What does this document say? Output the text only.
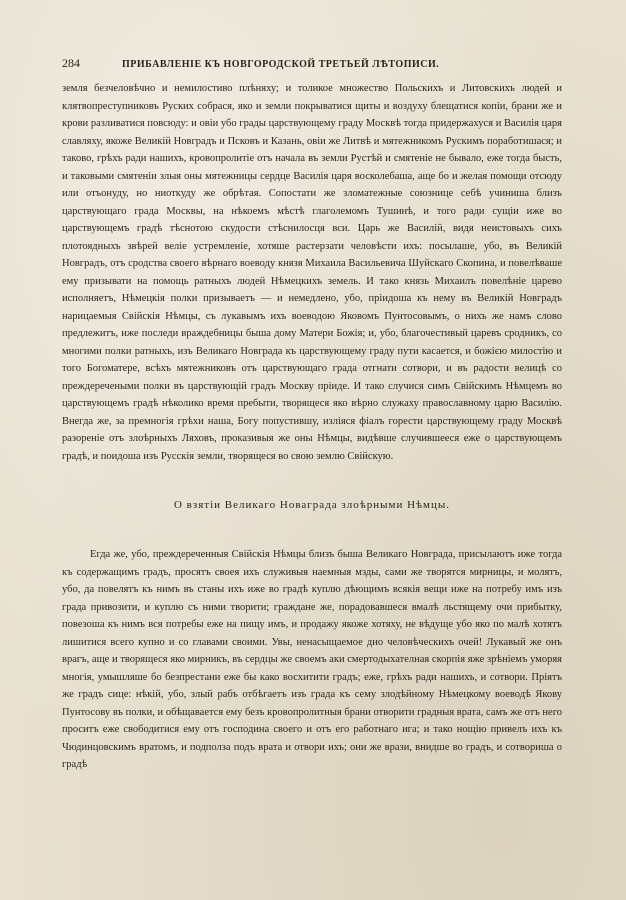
284	ПРИБАВЛЕНІЕ КЪ НОВГОРОДСКОЙ ТРЕТЬЕЙ ЛѢТОПИСИ.

земля безчеловѣчно и немилостиво плѣняху; и толикое множество Польскихъ и Литовскихъ людей и клятвопреступниковъ Руских собрася, яко и земли покрыватися щиты и воздуху блещатися копіи, брани же и крови разливатися повсюду: и овіи убо грады царствующему граду Москвѣ тогда придержахуся и Василія царя славляху, якоже Великій Новградъ и Псковъ и Казань, овіи же Литвѣ и мятежникомъ Рускимъ поработишася; и таково, грѣхъ ради нашихъ, кровопролитіе отъ начала въ земли Рустѣй и смятеніе не бывало, еже тогда бысть, и таковыми смятеніи злыя оны мятежницы сердце Василія царя восколебаша, аще бо и желая помощи отсюду или отъонуду, но ниоткуду же обрѣтая. Сопостати же зломатежные союзнице себѣ учиниша близъ царствующаго града Москвы, на нѣкоемъ мѣстѣ глаголемомъ Тушинѣ, и того ради сущіи иже во царствующемъ градѣ тѣснотою скудости стѣснилосця вси. Царь же Василій, видя неистовыхъ сихъ плотоядныхъ звѣрей веліе устремленіе, хотяше растерзати человѣсти ихъ: посылаше, убо, въ Великій Новградъ, отъ сродства своего вѣрнаго воеводу князя Михаила Васильевича Шуйскаго Скопина, и повелѣваше ему призывати на помощь ратныхъ людей Нѣмецкихъ земель. И тако князь Михаилъ повелѣніе царево исполняетъ, Нѣмецкія полки призываетъ — и немедлено, убо, пріидоша къ нему въ Великій Новградъ нарицаемыя Свійскія Нѣмцы, съ лукавымъ ихъ воеводою Яковомъ Пунтосовымъ, о нихъ же намъ слово предлежитъ, иже последи враждебницы быша дому Матери Божія; и, убо, благочестивый царевъ сродникъ, со многими полки ратныхъ, изъ Великаго Новграда къ царствующему граду пути касается, и божією милостію и того Богоматере, всѣхъ мятежниковъ отъ царствующаго града отгнати сотвори, и въ радости велицѣ со преждеречеными полки въ царствующій градъ Москву пріиде. И тако случися симъ Свійскимъ Нѣмцемъ во царствующемъ градѣ нѣколико время пребыти, творящеся яко вѣрно служаху православному царю Василію. Внегда же, за премногія грѣхи наша, Богу попустившу, изліяся фіалъ горести царствующему граду Москвѣ разореніе отъ злоѣрныхъ Ляховъ, проказивыя же оны Нѣмцы, видѣвше случившееся еже о царствующемъ градѣ, и поидоша изъ Русскія земли, творящеся во свою землю Свійскую.

О взятіи Великаго Новаграда злоѣрными Нѣмцы.

Егда же, убо, преждереченныя Свійскія Нѣмцы близъ быша Великаго Новграда, присылаютъ иже тогда къ содержащимъ градъ, просятъ своея ихъ служивыя наемныя мзды, сами же творятся мирницы, и молятъ, убо, да повелятъ къ нимъ въ станы ихъ иже во градѣ куплю дѣющимъ всякія вещи иже на потребу имъ изъ града привозити, и куплю съ ними творити; граждане же, порадовавшеся вмалѣ льстящему очи прибытку, повезоша къ нимъ вся потребы еже на пищу имъ, и продажу якоже хотяху, не вѣдуще убо яко по малѣ хотятъ лишитися всего купно и со главами своими. Увы, ненасыщаемое дно человѣческихъ очей! Лукавый же онъ врагъ, аще и творящеся яко мирникъ, въ сердцы же своемъ аки смертодыхателная скорпія яже зрѣніемъ уморяя многія, умышляше бо безпрестани еже бы како восхитити градъ; еже, грѣхъ ради нашихъ, и сотвори. Пріятъ же градъ сице: нѣкій, убо, злый рабъ отбѣгаетъ изъ града къ сему злодѣйному Нѣмецкому воеводѣ Якову Пунтосову въ полки, и обѣщавается ему безъ кровопролитныя брани отворити градныя врата, самъ же отъ него проситъ еже свободитися ему отъ господина своего и отъ его работнаго ига; и тако нощію привелъ ихъ къ Чюдинцовскимъ вратомъ, и подполза подъ врата и отвори ихъ; они же врази, внидше во градъ, и сотвориша о градѣ
